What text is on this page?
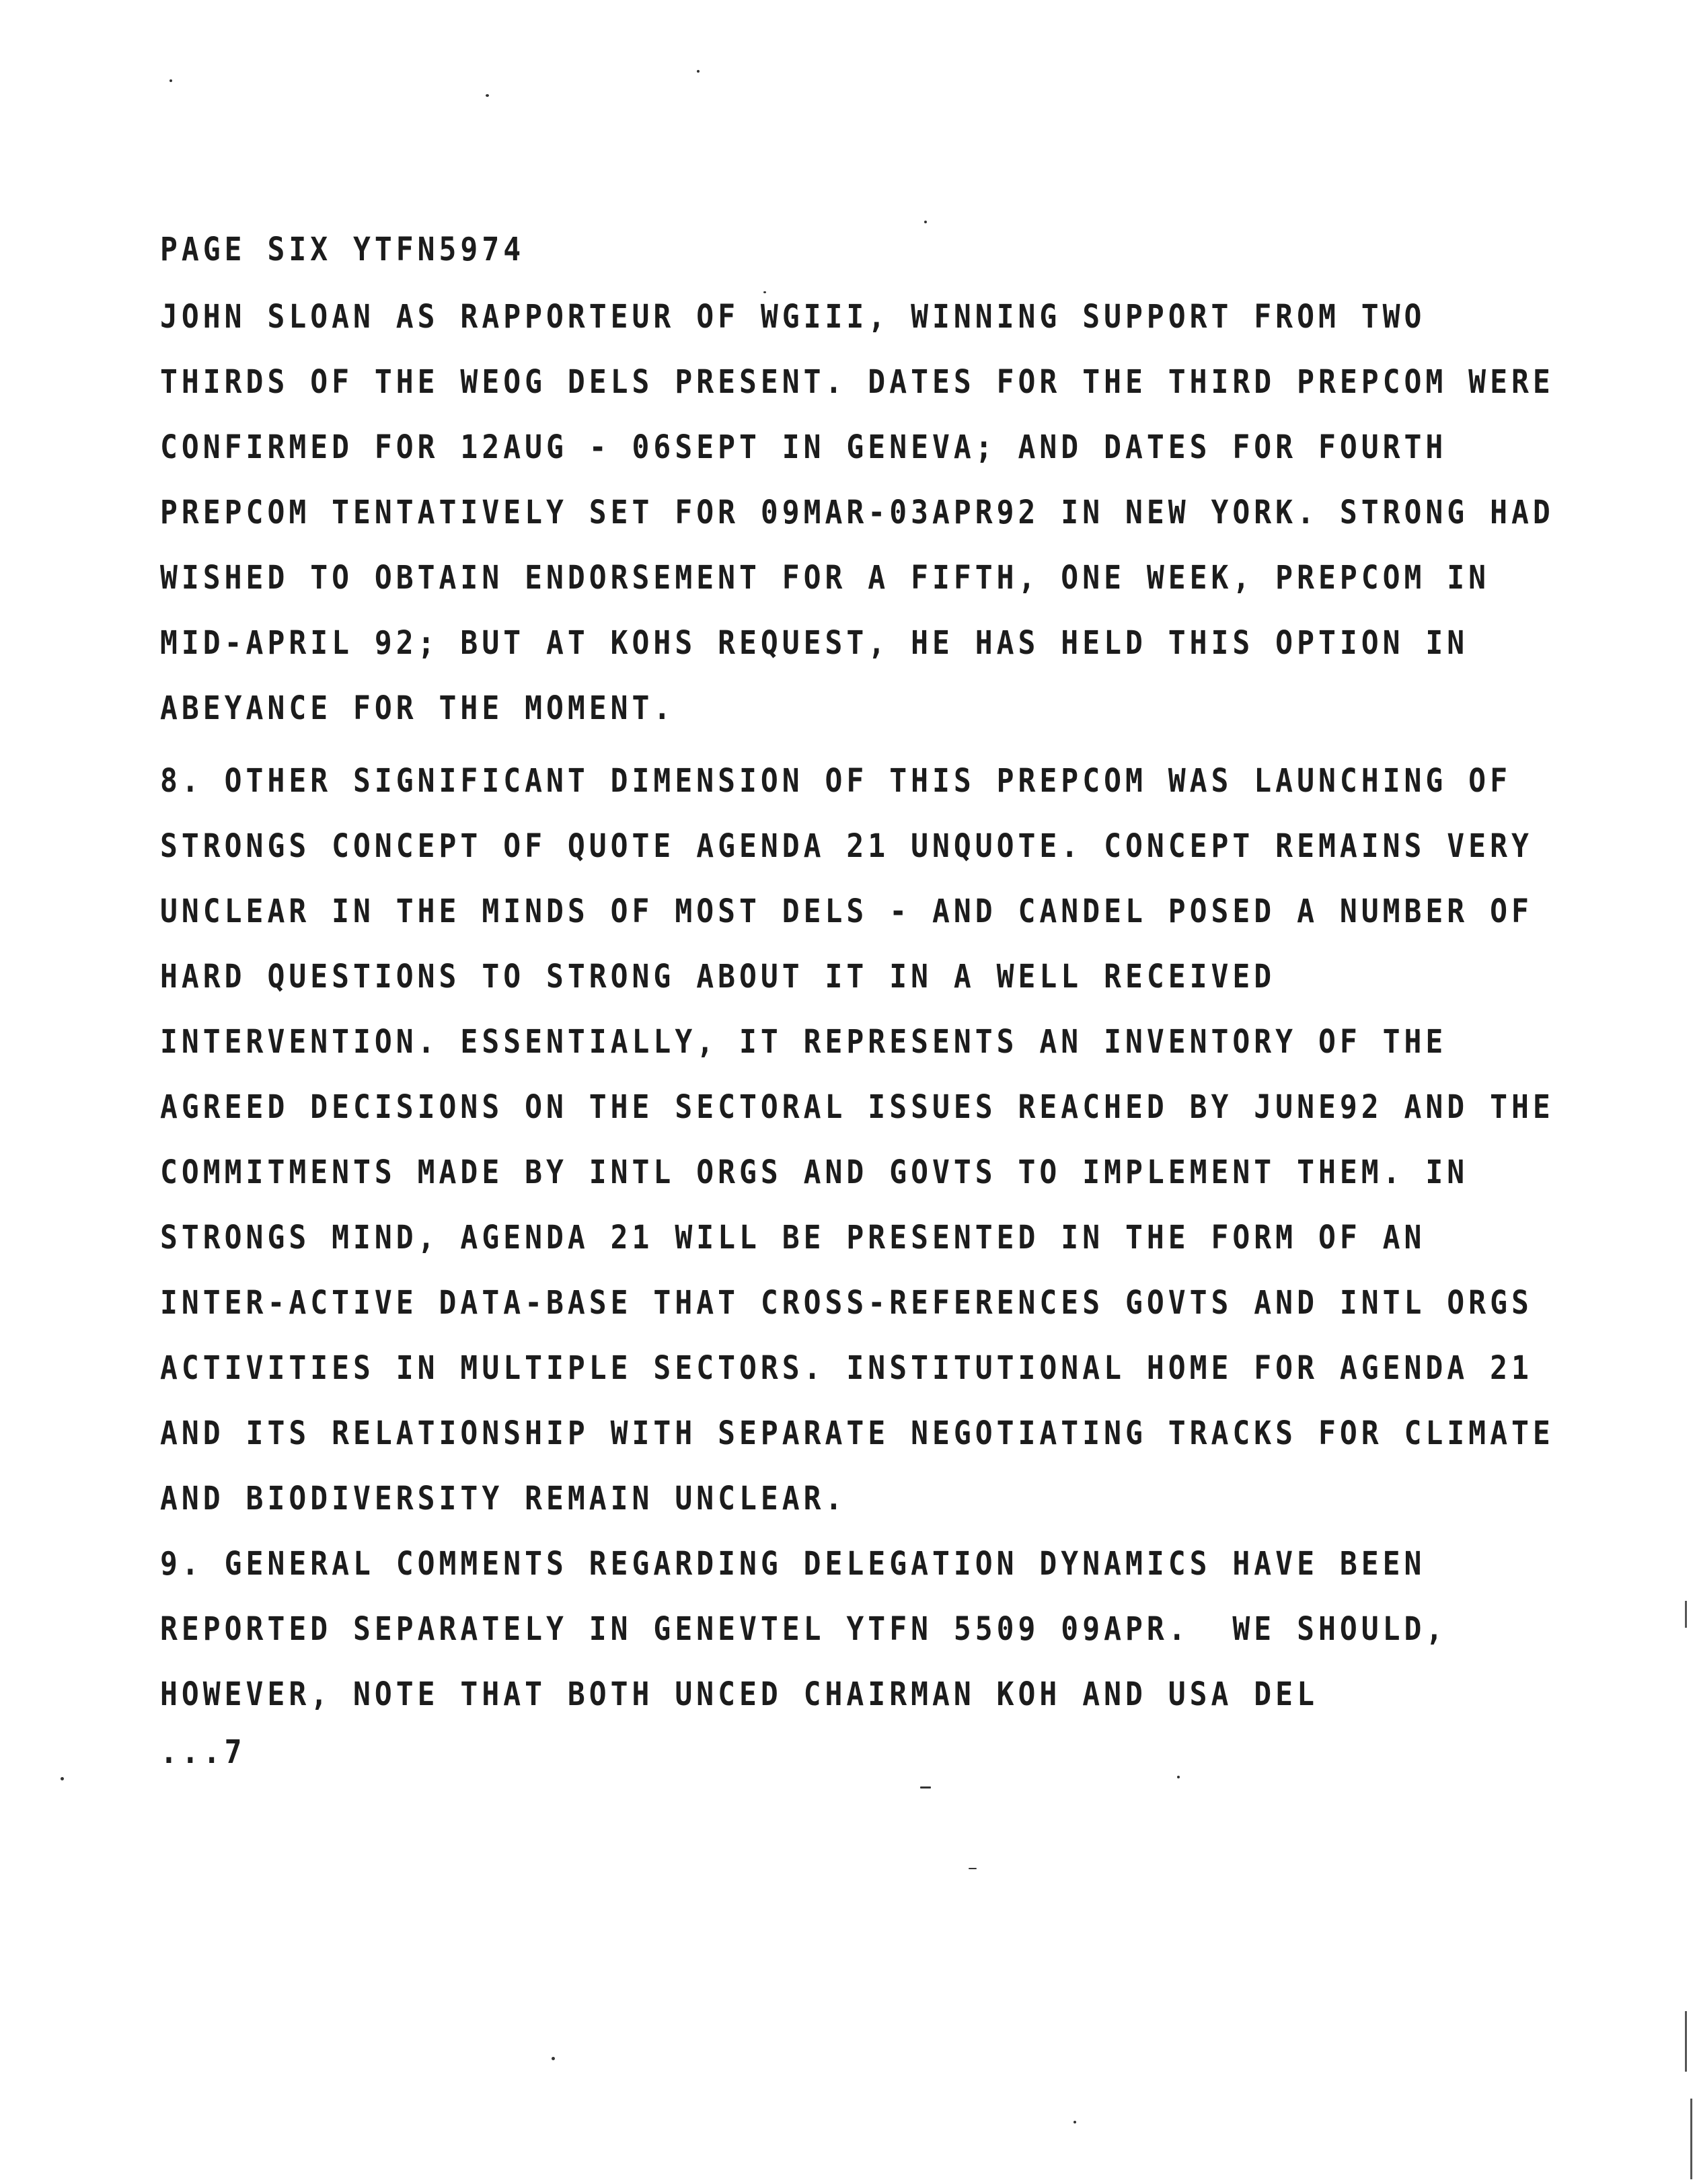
PAGE SIX YTFN5974
JOHN SLOAN AS RAPPORTEUR OF WGIII, WINNING SUPPORT FROM TWO
THIRDS OF THE WEOG DELS PRESENT. DATES FOR THE THIRD PREPCOM WERE
CONFIRMED FOR 12AUG - 06SEPT IN GENEVA; AND DATES FOR FOURTH
PREPCOM TENTATIVELY SET FOR 09MAR-03APR92 IN NEW YORK. STRONG HAD
WISHED TO OBTAIN ENDORSEMENT FOR A FIFTH, ONE WEEK, PREPCOM IN
MID-APRIL 92; BUT AT KOHS REQUEST, HE HAS HELD THIS OPTION IN
ABEYANCE FOR THE MOMENT.
8. OTHER SIGNIFICANT DIMENSION OF THIS PREPCOM WAS LAUNCHING OF
STRONGS CONCEPT OF QUOTE AGENDA 21 UNQUOTE. CONCEPT REMAINS VERY
UNCLEAR IN THE MINDS OF MOST DELS - AND CANDEL POSED A NUMBER OF
HARD QUESTIONS TO STRONG ABOUT IT IN A WELL RECEIVED
INTERVENTION. ESSENTIALLY, IT REPRESENTS AN INVENTORY OF THE
AGREED DECISIONS ON THE SECTORAL ISSUES REACHED BY JUNE92 AND THE
COMMITMENTS MADE BY INTL ORGS AND GOVTS TO IMPLEMENT THEM. IN
STRONGS MIND, AGENDA 21 WILL BE PRESENTED IN THE FORM OF AN
INTER-ACTIVE DATA-BASE THAT CROSS-REFERENCES GOVTS AND INTL ORGS
ACTIVITIES IN MULTIPLE SECTORS. INSTITUTIONAL HOME FOR AGENDA 21
AND ITS RELATIONSHIP WITH SEPARATE NEGOTIATING TRACKS FOR CLIMATE
AND BIODIVERSITY REMAIN UNCLEAR.
9. GENERAL COMMENTS REGARDING DELEGATION DYNAMICS HAVE BEEN
REPORTED SEPARATELY IN GENEVTEL YTFN 5509 09APR.  WE SHOULD,
HOWEVER, NOTE THAT BOTH UNCED CHAIRMAN KOH AND USA DEL
...7
